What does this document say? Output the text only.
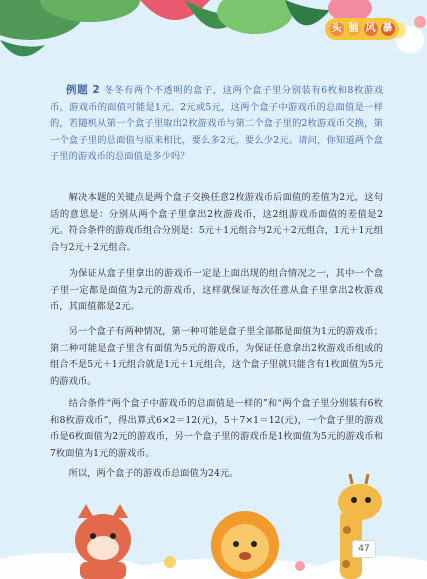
头 脑 风 暴

例题 2 冬冬有两个不透明的盒子，这两个盒子里分别装有6枚和8枚游戏币，游戏币的面值可能是1元、2元或5元，这两个盒子中游戏币的总面值是一样的，若随机从第一个盒子里取出2枚游戏币与第二个盒子里的2枚游戏币交换，第一个盒子里的总面值与原来相比，要么多2元，要么少2元。请问，你知道两个盒子里的游戏币的总面值是多少吗？

解决本题的关键点是两个盒子交换任意2枚游戏币后面值的差值为2元，这句话的意思是：分别从两个盒子里拿出2枚游戏币，这2组游戏币面值的差值是2元。符合条件的游戏币组合分别是：5元＋1元组合与2元＋2元组合，1元＋1元组合与2元＋2元组合。

为保证从盒子里拿出的游戏币一定是上面出现的组合情况之一，其中一个盒子里一定都是面值为2元的游戏币，这样就保证每次任意从盒子里拿出2枚游戏币，其面值都是2元。

另一个盒子有两种情况，第一种可能是盒子里全部都是面值为1元的游戏币；第二种可能是盒子里含有面值为5元的游戏币，为保证任意拿出2枚游戏币组成的组合不是5元＋1元组合就是1元＋1元组合，这个盒子里就只能含有1枚面值为5元的游戏币。

结合条件“两个盒子中游戏币的总面值是一样的”和“两个盒子里分别装有6枚和8枚游戏币”，得出算式6×2＝12(元)，5＋7×1＝12(元)，一个盒子里的游戏币是6枚面值为2元的游戏币，另一个盒子里的游戏币是1枚面值为5元的游戏币和7枚面值为1元的游戏币。

所以，两个盒子的游戏币总面值为24元。

47
